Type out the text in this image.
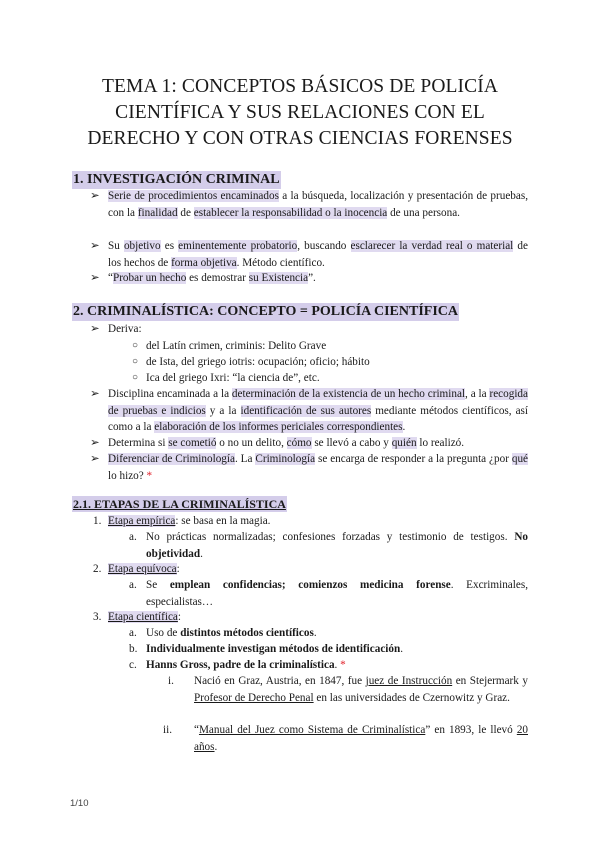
TEMA 1: CONCEPTOS BÁSICOS DE POLICÍA
CIENTÍFICA Y SUS RELACIONES CON EL
DERECHO Y CON OTRAS CIENCIAS FORENSES
1. INVESTIGACIÓN CRIMINAL
➢ Serie de procedimientos encaminados a la búsqueda, localización y presentación de pruebas, con la finalidad de establecer la responsabilidad o la inocencia de una persona.
➢ Su objetivo es eminentemente probatorio, buscando esclarecer la verdad real o material de los hechos de forma objetiva. Método científico.
➢ “Probar un hecho es demostrar su Existencia”.
2. CRIMINALÍSTICA: CONCEPTO = POLICÍA CIENTÍFICA
➢ Deriva:
○ del Latín crimen, criminis: Delito Grave
○ de Ista, del griego iotris: ocupación; oficio; hábito
○ Ica del griego Ixri: “la ciencia de”, etc.
➢ Disciplina encaminada a la determinación de la existencia de un hecho criminal, a la recogida de pruebas e indicios y a la identificación de sus autores mediante métodos científicos, así como a la elaboración de los informes periciales correspondientes.
➢ Determina si se cometió o no un delito, cómo se llevó a cabo y quién lo realizó.
➢ Diferenciar de Criminología. La Criminología se encarga de responder a la pregunta ¿por qué lo hizo? *
2.1. ETAPAS DE LA CRIMINALÍSTICA
1. Etapa empírica: se basa en la magia.
a. No prácticas normalizadas; confesiones forzadas y testimonio de testigos. No objetividad.
2. Etapa equívoca:
a. Se emplean confidencias; comienzos medicina forense. Excriminales, especialistas…
3. Etapa científica:
a. Uso de distintos métodos científicos.
b. Individualmente investigan métodos de identificación.
c. Hanns Gross, padre de la criminalística. *
i. Nació en Graz, Austria, en 1847, fue juez de Instrucción en Stejermark y Profesor de Derecho Penal en las universidades de Czernowitz y Graz.
ii. “Manual del Juez como Sistema de Criminalística” en 1893, le llevó 20 años.
1/10
